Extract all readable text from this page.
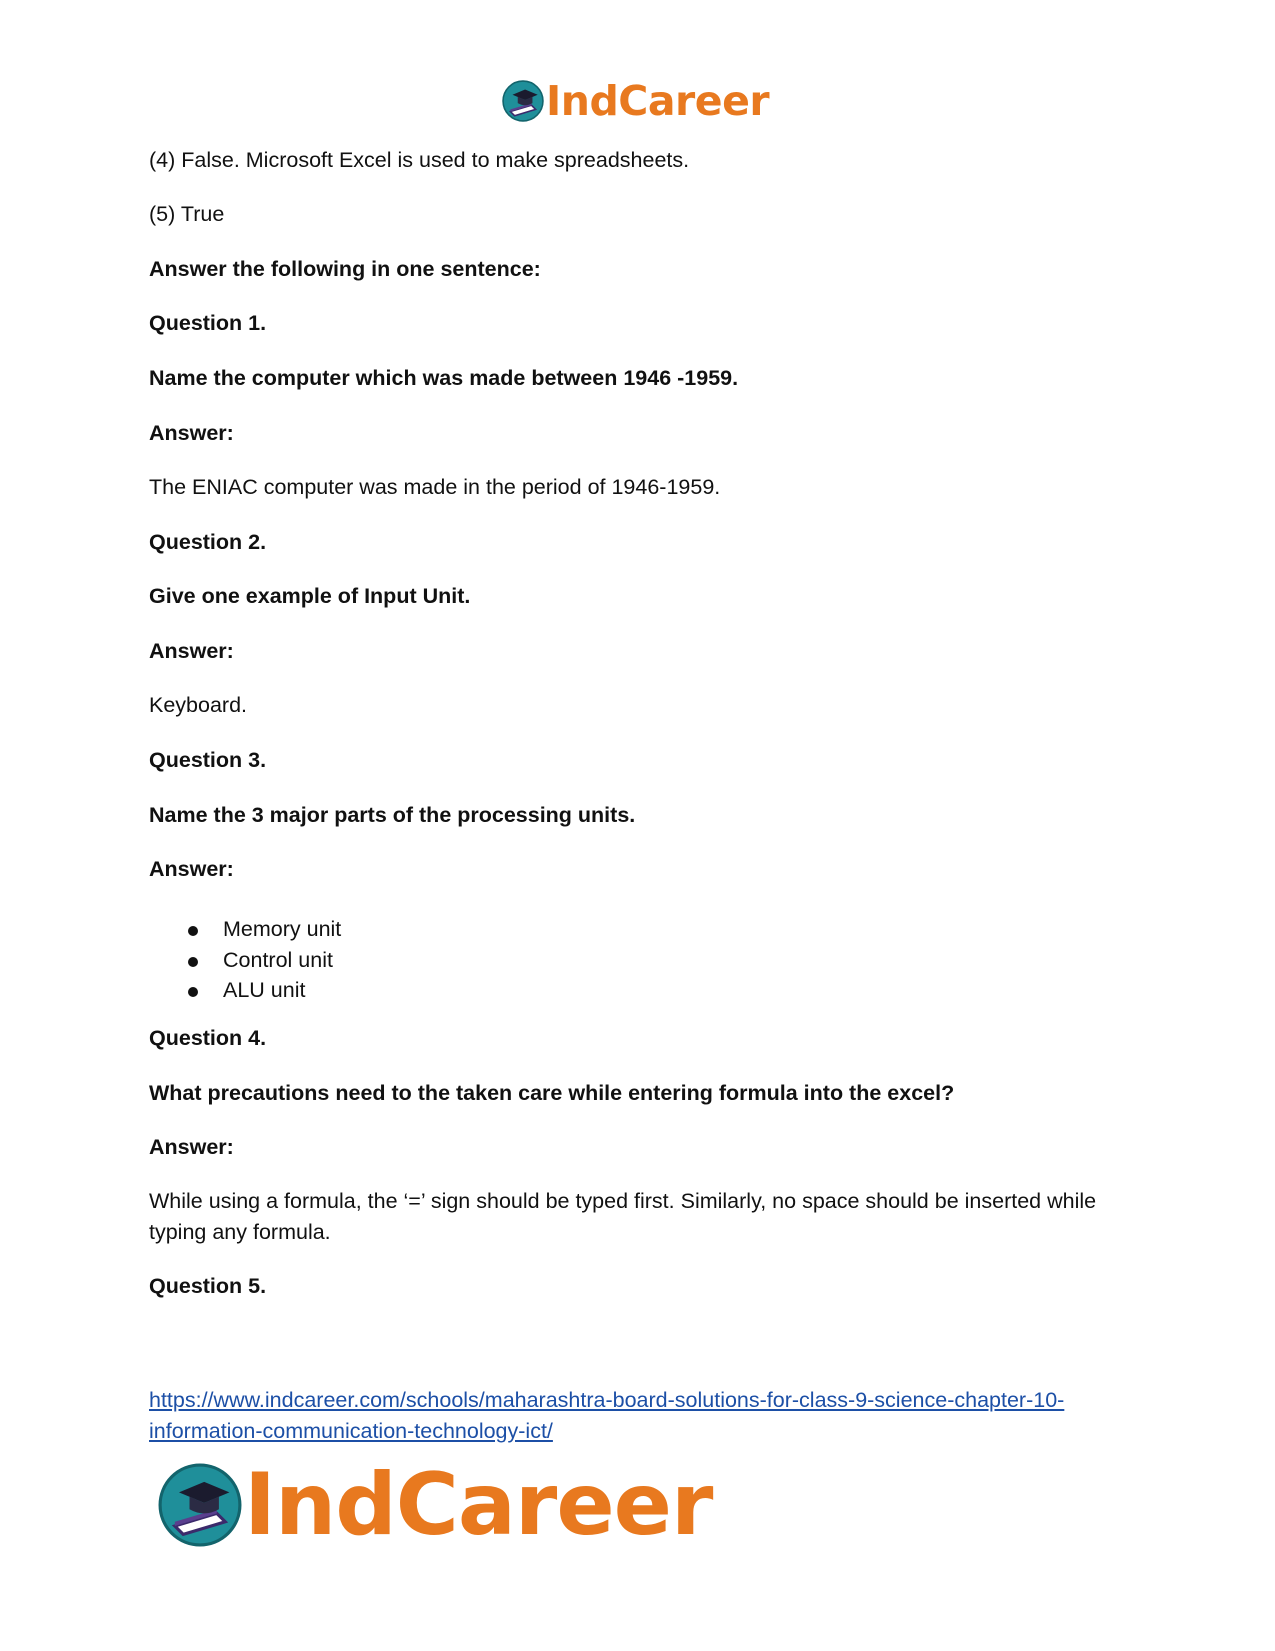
IndCareer
(4) False. Microsoft Excel is used to make spreadsheets.
(5) True
Answer the following in one sentence:
Question 1.
Name the computer which was made between 1946 -1959.
Answer:
The ENIAC computer was made in the period of 1946-1959.
Question 2.
Give one example of Input Unit.
Answer:
Keyboard.
Question 3.
Name the 3 major parts of the processing units.
Answer:
Memory unit
Control unit
ALU unit
Question 4.
What precautions need to the taken care while entering formula into the excel?
Answer:
While using a formula, the ‘=’ sign should be typed first. Similarly, no space should be inserted while typing any formula.
Question 5.
https://www.indcareer.com/schools/maharashtra-board-solutions-for-class-9-science-chapter-10-information-communication-technology-ict/
IndCareer
